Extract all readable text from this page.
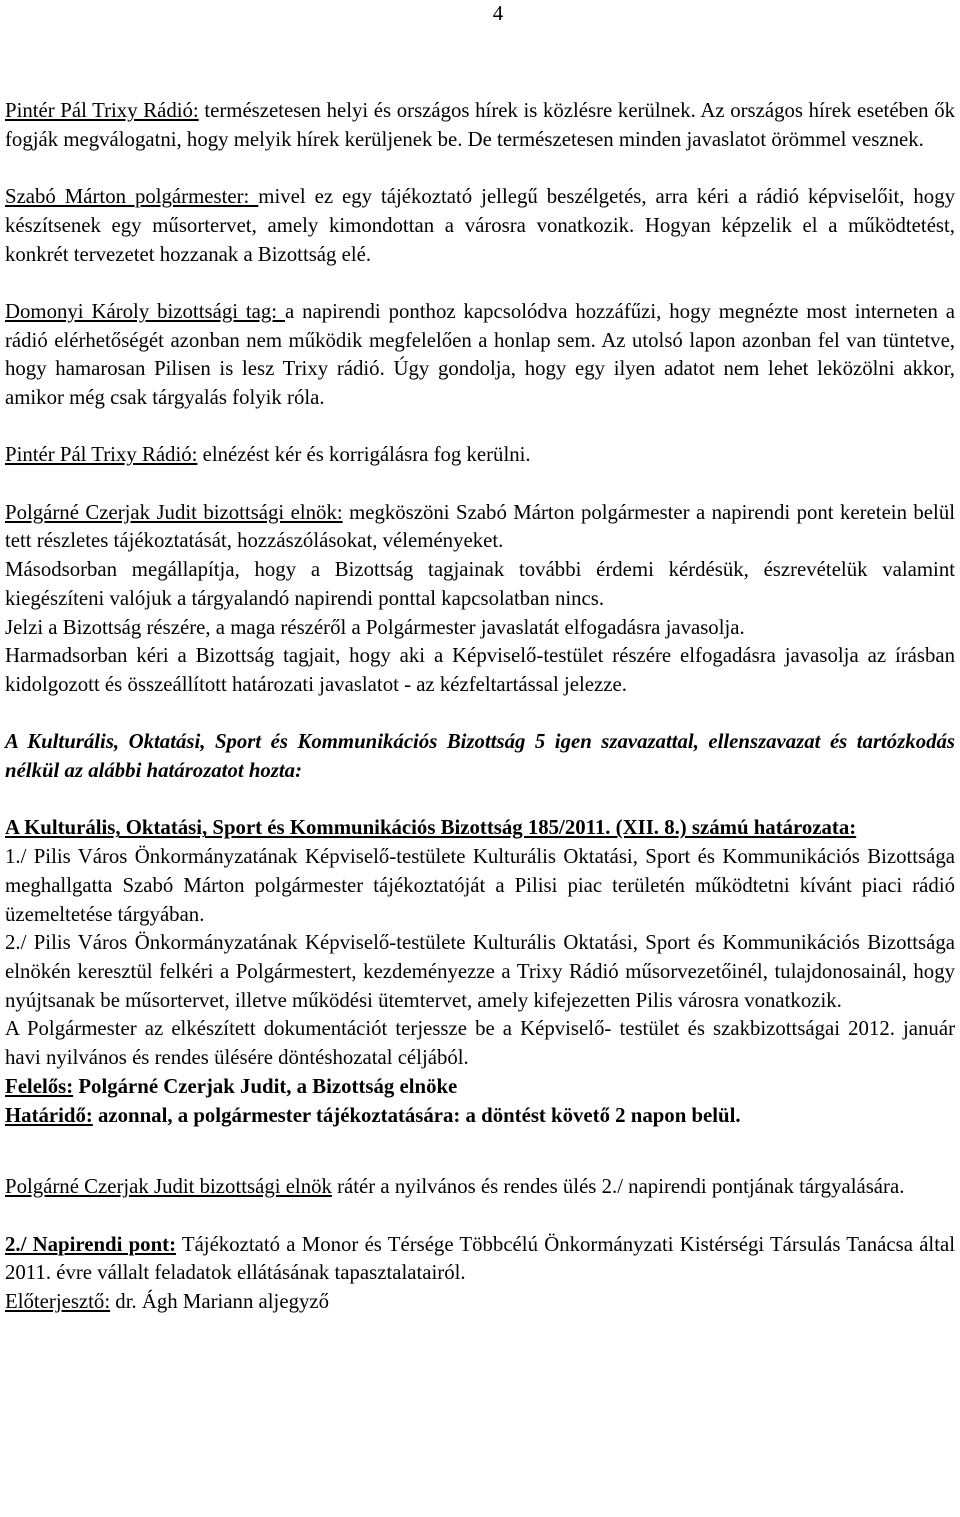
4

Pintér Pál Trixy Rádió: természetesen helyi és országos hírek is közlésre kerülnek. Az országos hírek esetében ők fogják megválogatni, hogy melyik hírek kerüljenek be. De természetesen minden javaslatot örömmel vesznek.

Szabó Márton polgármester: mivel ez egy tájékoztató jellegű beszélgetés, arra kéri a rádió képviselőit, hogy készítsenek egy műsortervet, amely kimondottan a városra vonatkozik. Hogyan képzelik el a működtetést, konkrét tervezetet hozzanak a Bizottság elé.

Domonyi Károly bizottsági tag: a napirendi ponthoz kapcsolódva hozzáfűzi, hogy megnézte most interneten a rádió elérhetőségét azonban nem működik megfelelően a honlap sem. Az utolsó lapon azonban fel van tüntetve, hogy hamarosan Pilisen is lesz Trixy rádió. Úgy gondolja, hogy egy ilyen adatot nem lehet leközölni akkor, amikor még csak tárgyalás folyik róla.

Pintér Pál Trixy Rádió: elnézést kér és korrigálásra fog kerülni.

Polgárné Czerjak Judit bizottsági elnök: megköszöni Szabó Márton polgármester a napirendi pont keretein belül tett részletes tájékoztatását, hozzászólásokat, véleményeket.

Másodsorban megállapítja, hogy a Bizottság tagjainak további érdemi kérdésük, észrevételük valamint kiegészíteni valójuk a tárgyalandó napirendi ponttal kapcsolatban nincs.

Jelzi a Bizottság részére, a maga részéről a Polgármester javaslatát elfogadásra javasolja.

Harmadsorban kéri a Bizottság tagjait, hogy aki a Képviselő-testület részére elfogadásra javasolja az írásban kidolgozott és összeállított határozati javaslatot - az kézfeltartással jelezze.

A Kulturális, Oktatási, Sport és Kommunikációs Bizottság 5 igen szavazattal, ellenszavazat és tartózkodás nélkül az alábbi határozatot hozta:

A Kulturális, Oktatási, Sport és Kommunikációs Bizottság 185/2011. (XII. 8.) számú határozata:

1./ Pilis Város Önkormányzatának Képviselő-testülete Kulturális Oktatási, Sport és Kommunikációs Bizottsága meghallgatta Szabó Márton polgármester tájékoztatóját a Pilisi piac területén működtetni kívánt piaci rádió üzemeltetése tárgyában.

2./ Pilis Város Önkormányzatának Képviselő-testülete Kulturális Oktatási, Sport és Kommunikációs Bizottsága elnökén keresztül felkéri a Polgármestert, kezdeményezze a Trixy Rádió műsorvezetőinél, tulajdonosainál, hogy nyújtsanak be műsortervet, illetve működési ütemtervet, amely kifejezetten Pilis városra vonatkozik.

A Polgármester az elkészített dokumentációt terjessze be a Képviselő- testület és szakbizottságai 2012. január havi nyilvános és rendes ülésére döntéshozatal céljából.

Felelős: Polgárné Czerjak Judit, a Bizottság elnöke

Határidő: azonnal, a polgármester tájékoztatására: a döntést követő 2 napon belül.

Polgárné Czerjak Judit bizottsági elnök rátér a nyilvános és rendes ülés 2./ napirendi pontjának tárgyalására.

2./ Napirendi pont: Tájékoztató a Monor és Térsége Többcélú Önkormányzati Kistérségi Társulás Tanácsa által 2011. évre vállalt feladatok ellátásának tapasztalatairól.

Előterjesztő: dr. Ágh Mariann aljegyző
